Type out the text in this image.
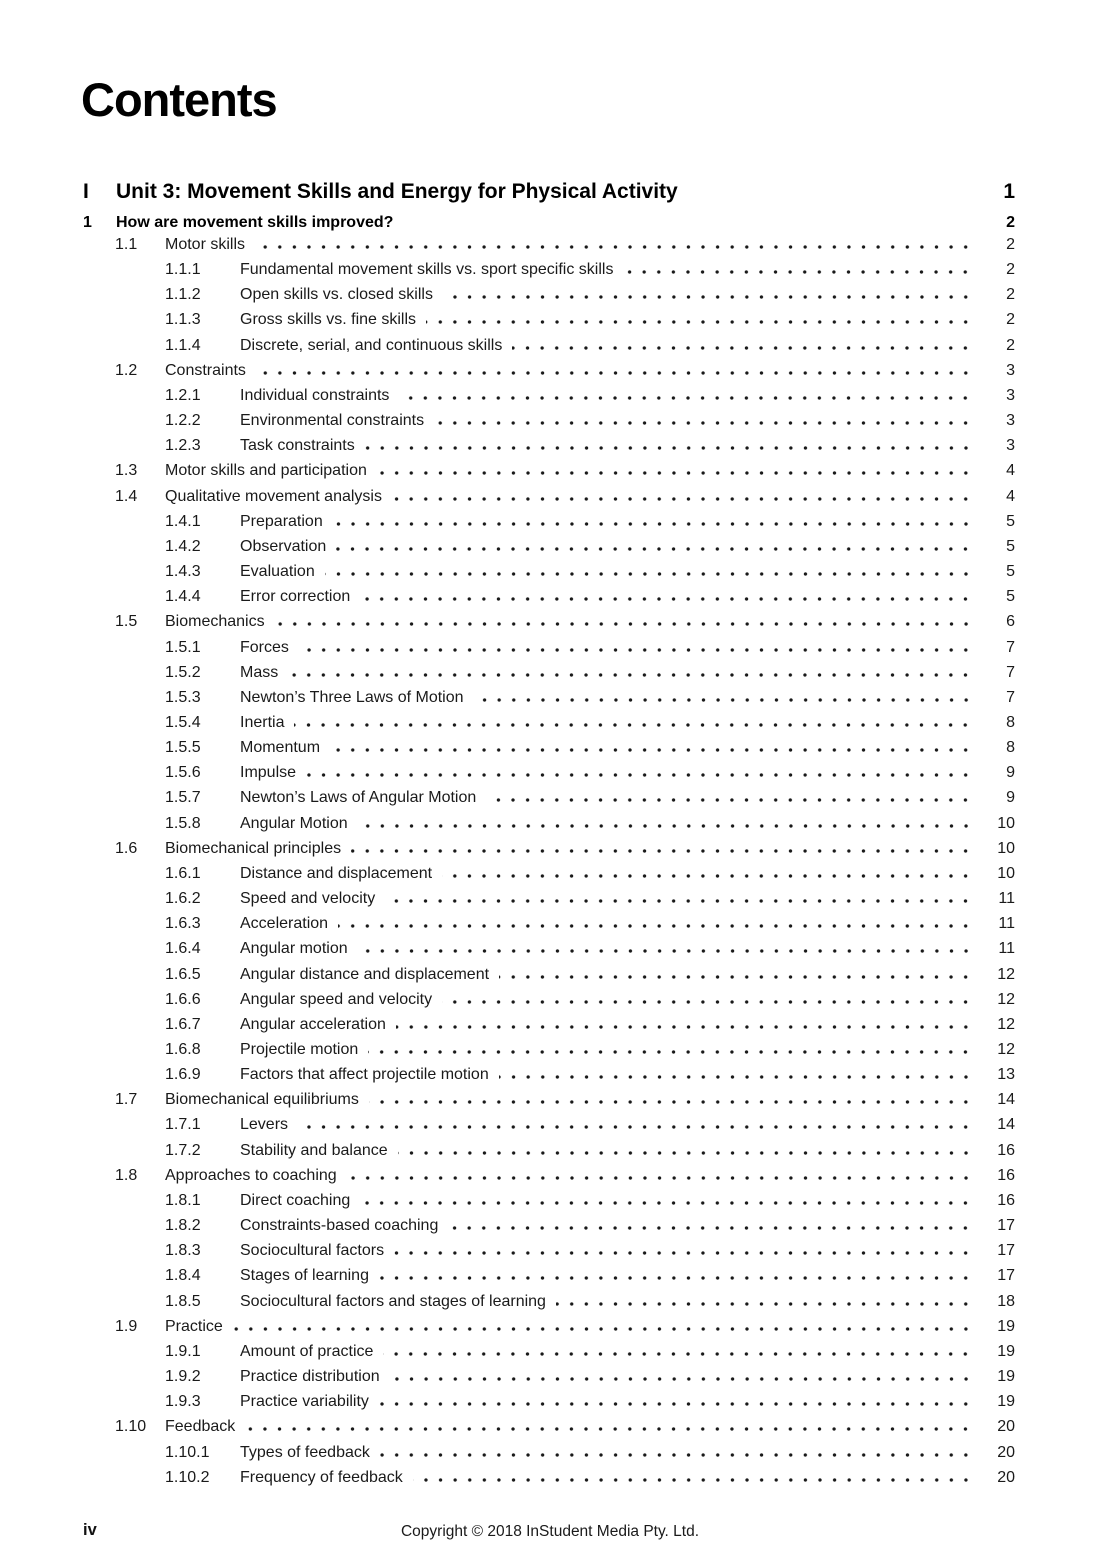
Contents
I	Unit 3: Movement Skills and Energy for Physical Activity	1
1	How are movement skills improved?	2
1.1	Motor skills	2
1.1.1	Fundamental movement skills vs. sport specific skills	2
1.1.2	Open skills vs. closed skills	2
1.1.3	Gross skills vs. fine skills	2
1.1.4	Discrete, serial, and continuous skills	2
1.2	Constraints	3
1.2.1	Individual constraints	3
1.2.2	Environmental constraints	3
1.2.3	Task constraints	3
1.3	Motor skills and participation	4
1.4	Qualitative movement analysis	4
1.4.1	Preparation	5
1.4.2	Observation	5
1.4.3	Evaluation	5
1.4.4	Error correction	5
1.5	Biomechanics	6
1.5.1	Forces	7
1.5.2	Mass	7
1.5.3	Newton’s Three Laws of Motion	7
1.5.4	Inertia	8
1.5.5	Momentum	8
1.5.6	Impulse	9
1.5.7	Newton’s Laws of Angular Motion	9
1.5.8	Angular Motion	10
1.6	Biomechanical principles	10
1.6.1	Distance and displacement	10
1.6.2	Speed and velocity	11
1.6.3	Acceleration	11
1.6.4	Angular motion	11
1.6.5	Angular distance and displacement	12
1.6.6	Angular speed and velocity	12
1.6.7	Angular acceleration	12
1.6.8	Projectile motion	12
1.6.9	Factors that affect projectile motion	13
1.7	Biomechanical equilibriums	14
1.7.1	Levers	14
1.7.2	Stability and balance	16
1.8	Approaches to coaching	16
1.8.1	Direct coaching	16
1.8.2	Constraints-based coaching	17
1.8.3	Sociocultural factors	17
1.8.4	Stages of learning	17
1.8.5	Sociocultural factors and stages of learning	18
1.9	Practice	19
1.9.1	Amount of practice	19
1.9.2	Practice distribution	19
1.9.3	Practice variability	19
1.10	Feedback	20
1.10.1	Types of feedback	20
1.10.2	Frequency of feedback	20
iv	Copyright © 2018 InStudent Media Pty. Ltd.
